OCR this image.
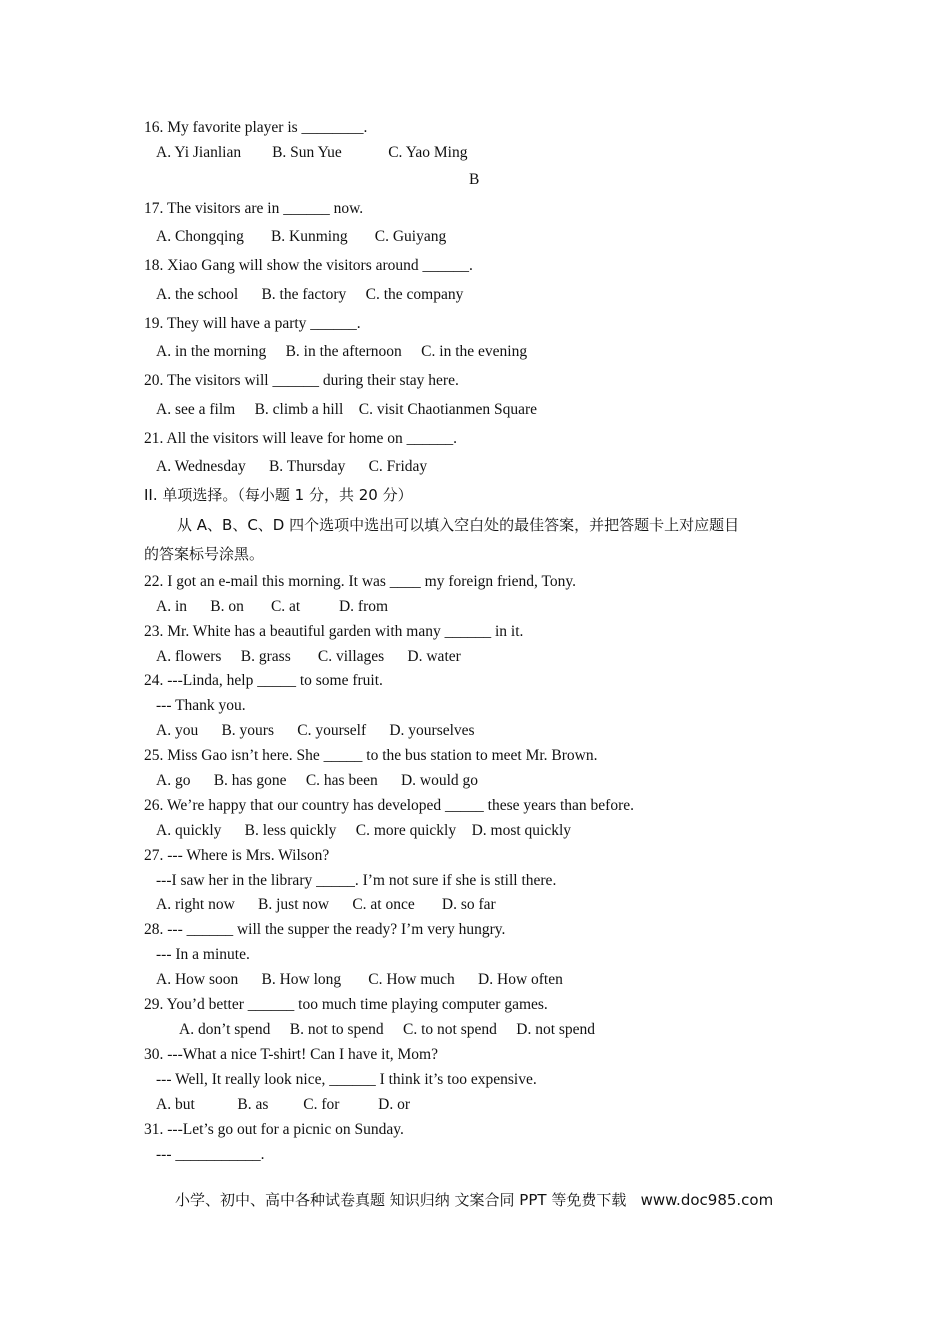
16. My favorite player is ________.
A. Yi Jianlian        B. Sun Yue            C. Yao Ming
B
17. The visitors are in ______ now.
A. Chongqing       B. Kunming       C. Guiyang
18. Xiao Gang will show the visitors around ______.
A. the school      B. the factory     C. the company
19. They will have a party ______.
A. in the morning     B. in the afternoon     C. in the evening
20. The visitors will ______ during their stay here.
A. see a film     B. climb a hill    C. visit Chaotianmen Square
21. All the visitors will leave for home on ______.
A. Wednesday      B. Thursday      C. Friday
II. 单项选择。（每小题 1 分，共 20 分）
从 A、B、C、D 四个选项中选出可以填入空白处的最佳答案，并把答题卡上对应题目
的答案标号涂黑。
22. I got an e-mail this morning. It was ____ my foreign friend, Tony.
A. in      B. on       C. at          D. from
23. Mr. White has a beautiful garden with many ______ in it.
A. flowers     B. grass       C. villages      D. water
24. ---Linda, help _____ to some fruit.
--- Thank you.
A. you      B. yours      C. yourself      D. yourselves
25. Miss Gao isn’t here. She _____ to the bus station to meet Mr. Brown.
A. go      B. has gone     C. has been      D. would go
26. We’re happy that our country has developed _____ these years than before.
A. quickly      B. less quickly     C. more quickly    D. most quickly
27. --- Where is Mrs. Wilson?
---I saw her in the library _____. I’m not sure if she is still there.
A. right now      B. just now      C. at once       D. so far
28. --- ______ will the supper the ready? I’m very hungry.
--- In a minute.
A. How soon      B. How long       C. How much      D. How often
29. You’d better ______ too much time playing computer games.
A. don’t spend     B. not to spend     C. to not spend     D. not spend
30. ---What a nice T-shirt! Can I have it, Mom?
--- Well, It really look nice, ______ I think it’s too expensive.
A. but           B. as         C. for          D. or
31. ---Let’s go out for a picnic on Sunday.
--- ___________.
小学、初中、高中各种试卷真题 知识归纳 文案合同 PPT 等免费下载   www.doc985.com
